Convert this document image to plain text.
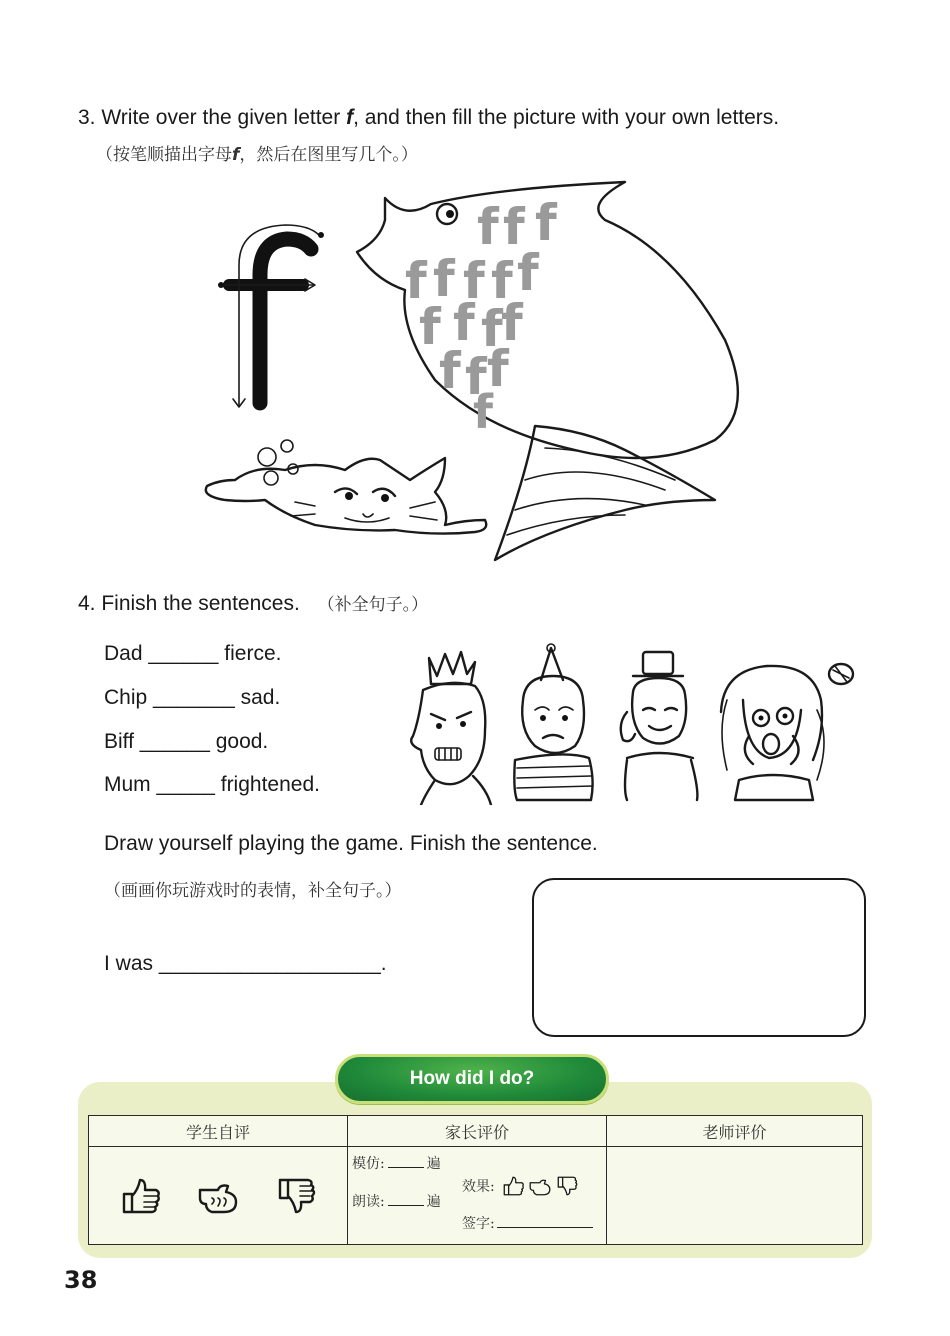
3. Write over the given letter f, and then fill the picture with your own letters.
（按笔顺描出字母f，然后在图里写几个。）
f f f
f f f f f
f f f
f
f f f
f
4. Finish the sentences. （补全句子。）
Dad ______ fierce.
Chip _______ sad.
Biff ______ good.
Mum _____ frightened.
Draw yourself playing the game. Finish the sentence.
（画画你玩游戏时的表情，补全句子。）
I was ___________________.
How did I do?
学生自评	家长评价	老师评价

模仿: 遍
朗读: 遍
效果:
签字:	

38
